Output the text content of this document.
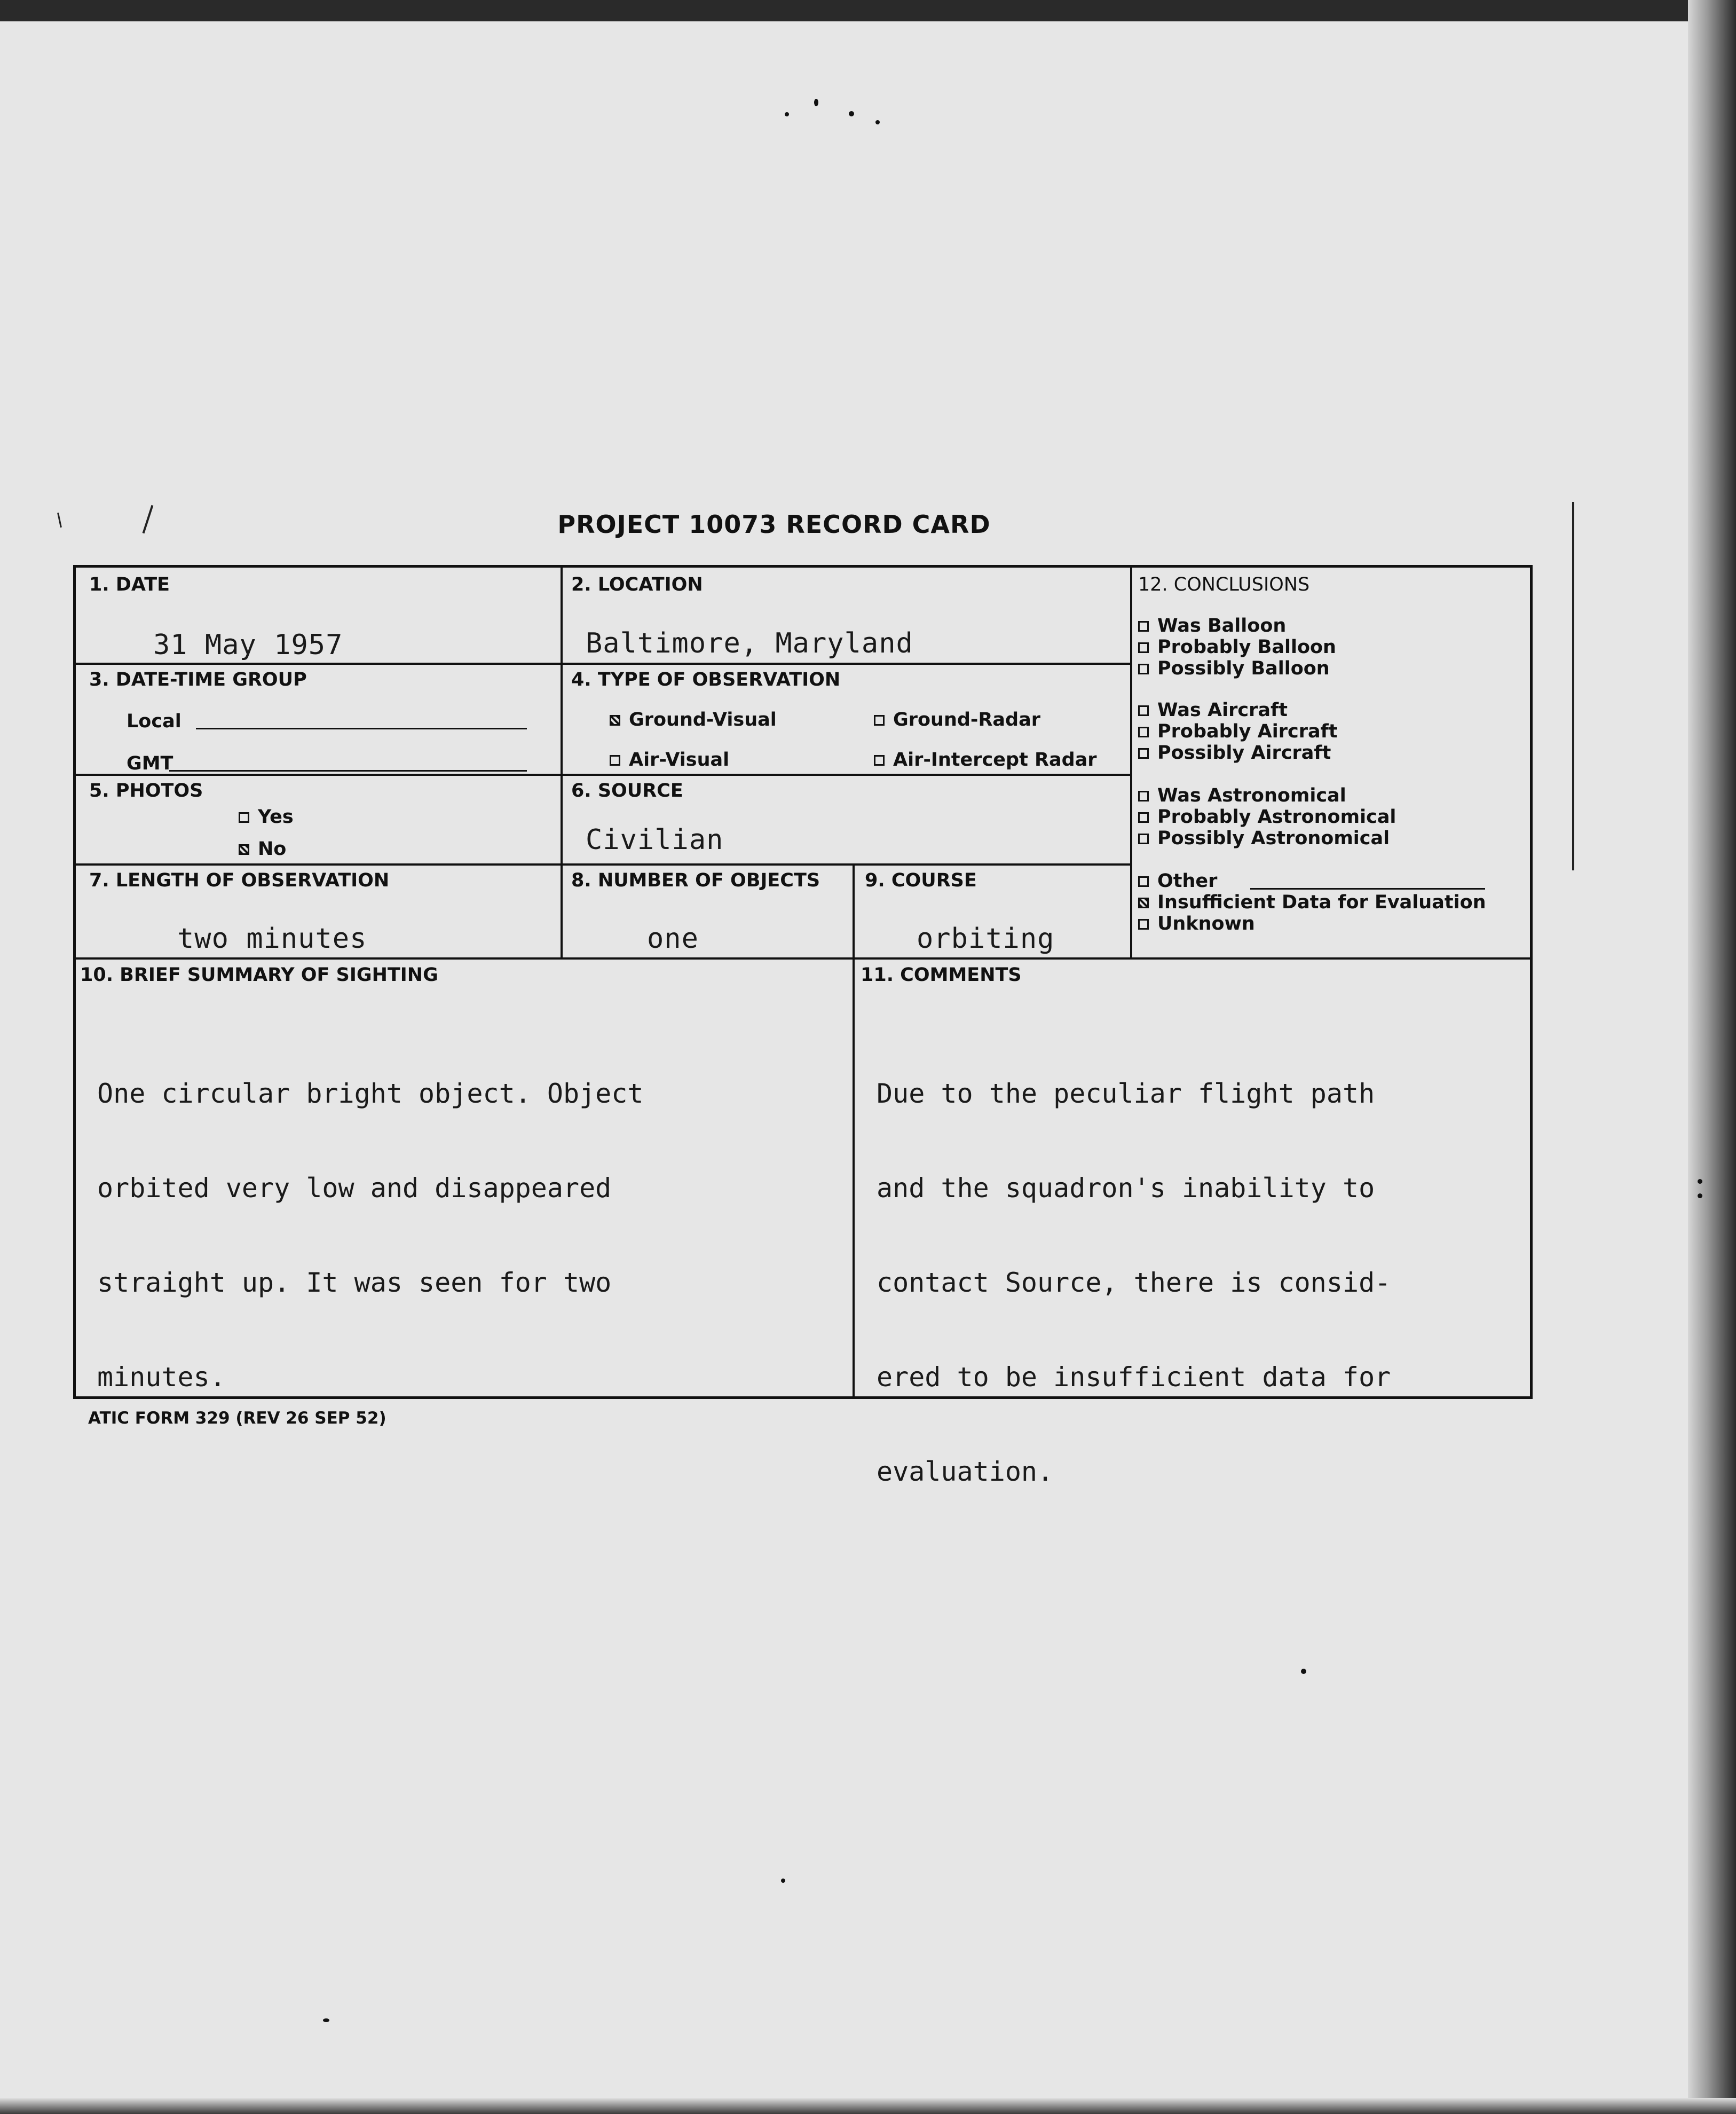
PROJECT 10073 RECORD CARD
1. DATE
31 May 1957
2. LOCATION
Baltimore, Maryland
3. DATE-TIME GROUP
Local
GMT
4. TYPE OF OBSERVATION
Ground-Visual	Ground-Radar
Air-Visual	Air-Intercept Radar
5. PHOTOS
Yes
No
6. SOURCE
Civilian
7. LENGTH OF OBSERVATION
two minutes
8. NUMBER OF OBJECTS
one
9. COURSE
orbiting
12. CONCLUSIONS
Was Balloon
Probably Balloon
Possibly Balloon
Was Aircraft
Probably Aircraft
Possibly Aircraft
Was Astronomical
Probably Astronomical
Possibly Astronomical
Other
Insufficient Data for Evaluation
Unknown
10. BRIEF SUMMARY OF SIGHTING

One circular bright object. Object

orbited very low and disappeared

straight up. It was seen for two

minutes.

11. COMMENTS

Due to the peculiar flight path

and the squadron's inability to

contact Source, there is consid-

ered to be insufficient data for

evaluation.

ATIC FORM 329 (REV 26 SEP 52)
